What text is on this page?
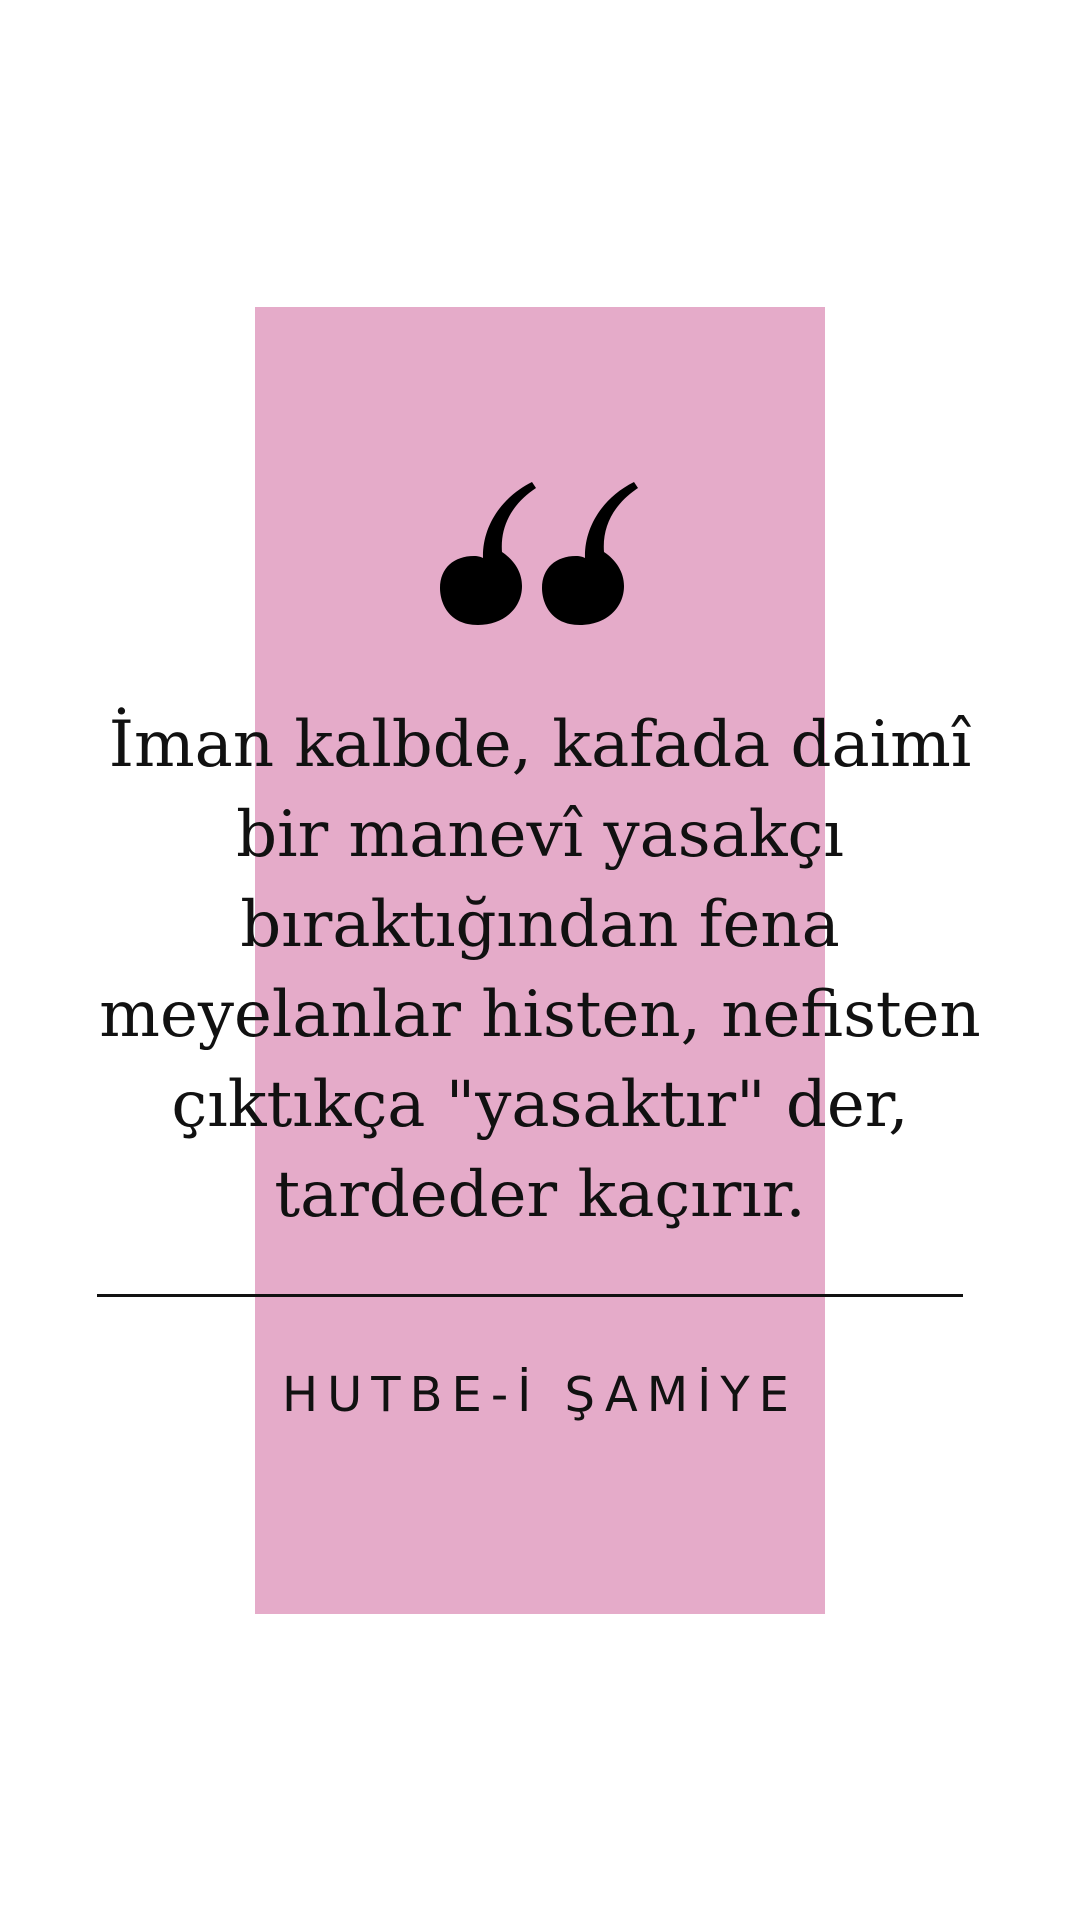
İman kalbde, kafada daimî
bir manevî yasakçı
bıraktığından fena
meyelanlar histen, nefisten
çıktıkça "yasaktır" der,
tardeder kaçırır.

HUTBE-İ ŞAMİYE
